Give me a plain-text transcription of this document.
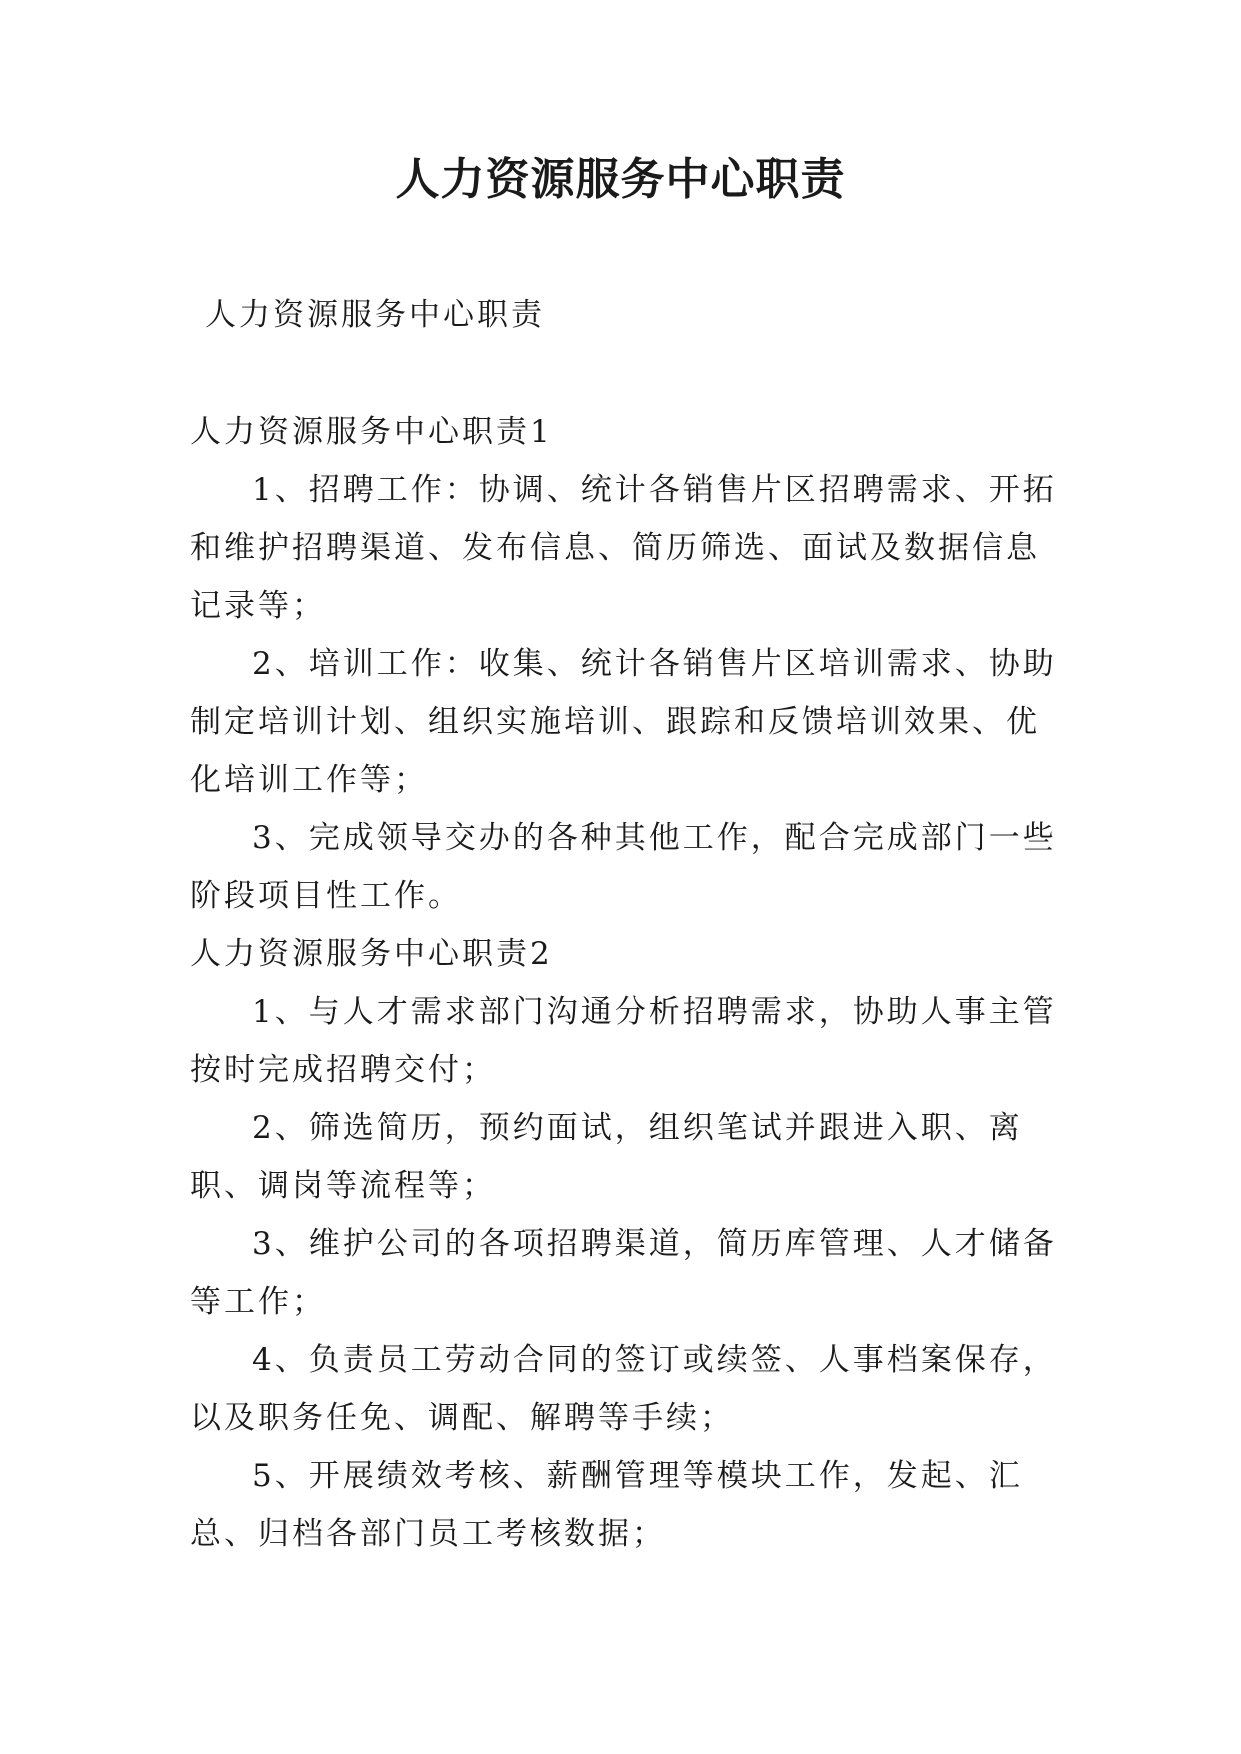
人力资源服务中心职责
人力资源服务中心职责
人力资源服务中心职责1

1、招聘工作：协调、统计各销售片区招聘需求、开拓和维护招聘渠道、发布信息、简历筛选、面试及数据信息记录等；

2、培训工作：收集、统计各销售片区培训需求、协助制定培训计划、组织实施培训、跟踪和反馈培训效果、优化培训工作等；

3、完成领导交办的各种其他工作，配合完成部门一些阶段项目性工作。

人力资源服务中心职责2

1、与人才需求部门沟通分析招聘需求，协助人事主管按时完成招聘交付；

2、筛选简历，预约面试，组织笔试并跟进入职、离职、调岗等流程等；

3、维护公司的各项招聘渠道，简历库管理、人才储备等工作；

4、负责员工劳动合同的签订或续签、人事档案保存，以及职务任免、调配、解聘等手续；

5、开展绩效考核、薪酬管理等模块工作，发起、汇总、归档各部门员工考核数据；
